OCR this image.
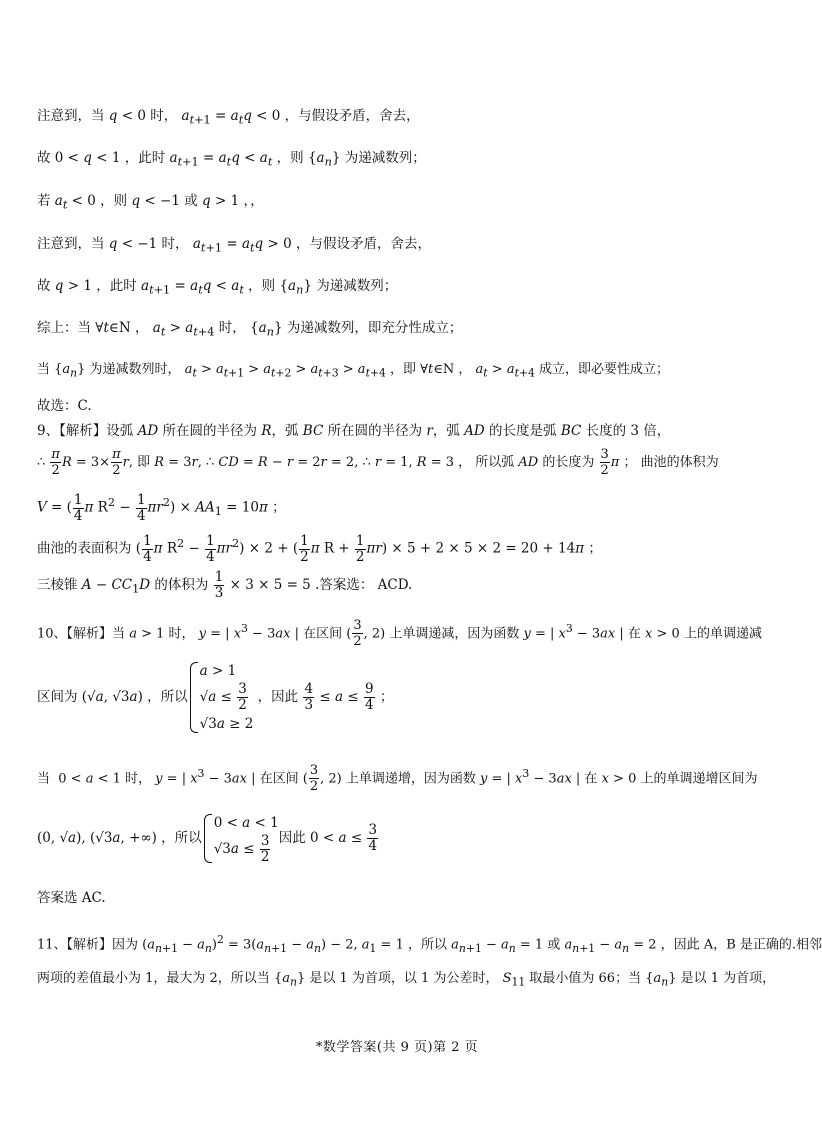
注意到，当 q < 0 时， $a_{t+1} = a_tq < 0$ ，与假设矛盾，舍去，
故 0 < q < 1 ，此时 $a_{t+1} = a_tq < a_t$ ，则 $\{a_n\}$ 为递减数列；
若 $a_t < 0$ ，则 q < −1 或 q > 1 ，，
注意到，当 q < −1 时， $a_{t+1} = a_tq > 0$ ，与假设矛盾，舍去，
故 q > 1 ，此时 $a_{t+1} = a_tq < a_t$ ，则 $\{a_n\}$ 为递减数列；
综上：当 ∀t∈N ， $a_t > a_{t+4}$ 时， $\{a_n\}$ 为递减数列，即充分性成立；
当 $\{a_n\}$ 为递减数列时， $a_t > a_{t+1} > a_{t+2} > a_{t+3} > a_{t+4}$ ，即 ∀t∈N ， $a_t > a_{t+4}$ 成立，即必要性成立；
故选：C.
9、【解析】设弧 AD 所在圆的半径为 R，弧 BC 所在圆的半径为 r，弧 AD 的长度是弧 BC 长度的 3 倍，
∴ $\frac{\pi}{2}$ $R = 3\times \frac{\pi}{2} r$, 即 R = 3r, ∴ CD = R − r = 2r = 2, ∴ r = 1, R = 3 ， 所以弧 AD 的长度为 $\frac{3}{2}$ π ； 曲池的体积为
V = ( $\frac{1}{4}$ π $R^2 - \frac{1}{4} \pi r^2) \times AA_1 = 10\pi$ ；
曲池的表面积为 ( $\frac{1}{4}$ π $R^2 - \frac{1}{4} \pi r^2) \times 2$ + ( $\frac{1}{2}$ π $R + \frac{1}{2} \pi r) \times 5 + 2 \times 5 \times 2 = 20 + 14\pi$ ；
三棱锥 $A - CC_1D$ 的体积为 $\frac{1}{3} \times 3 \times 5 = 5$ .答案选： ACD.
10、【解析】当 a > 1 时， y = | $x^3 - 3ax$ | 在区间 ( $\frac{3}{2}$ , 2) 上单调递减，因为函数 y = | $x^3 - 3ax$ | 在 x > 0 上的单调递减
区间为 (√a, √3a) ，所以
a > 1
$√a \le \frac{3}{2}$
√3a ≥ 2
，因此 $\frac{4}{3} \le a \le \frac{9}{4}$ ；
当  0 < a < 1 时， y = | $x^3 - 3ax$ | 在区间 ( $\frac{3}{2}$ , 2) 上单调递增，因为函数 y = | $x^3 - 3ax$ | 在 x > 0 上的单调递增区间为
(0, √a), (√3a, +∞) ，所以
0 < a < 1
$√3a \le \frac{3}{2}$ 因此 $0 < a \le \frac{3}{4}$
答案选 AC.
11、【解析】因为 $(a_{n+1} - a_n)^2 = 3(a_{n+1} - a_n) - 2$, $a_1 = 1$ ，所以 $a_{n+1} - a_n = 1$ 或 $a_{n+1} - a_n = 2$ ，因此 A，B 是正确的.相邻
两项的差值最小为 1，最大为 2，所以当 $\{a_n\}$ 是以 1 为首项，以 1 为公差时， $S_{11}$ 取最小值为 66；当 $\{a_n\}$ 是以 1 为首项，
*数学答案(共 9 页)第 2 页
